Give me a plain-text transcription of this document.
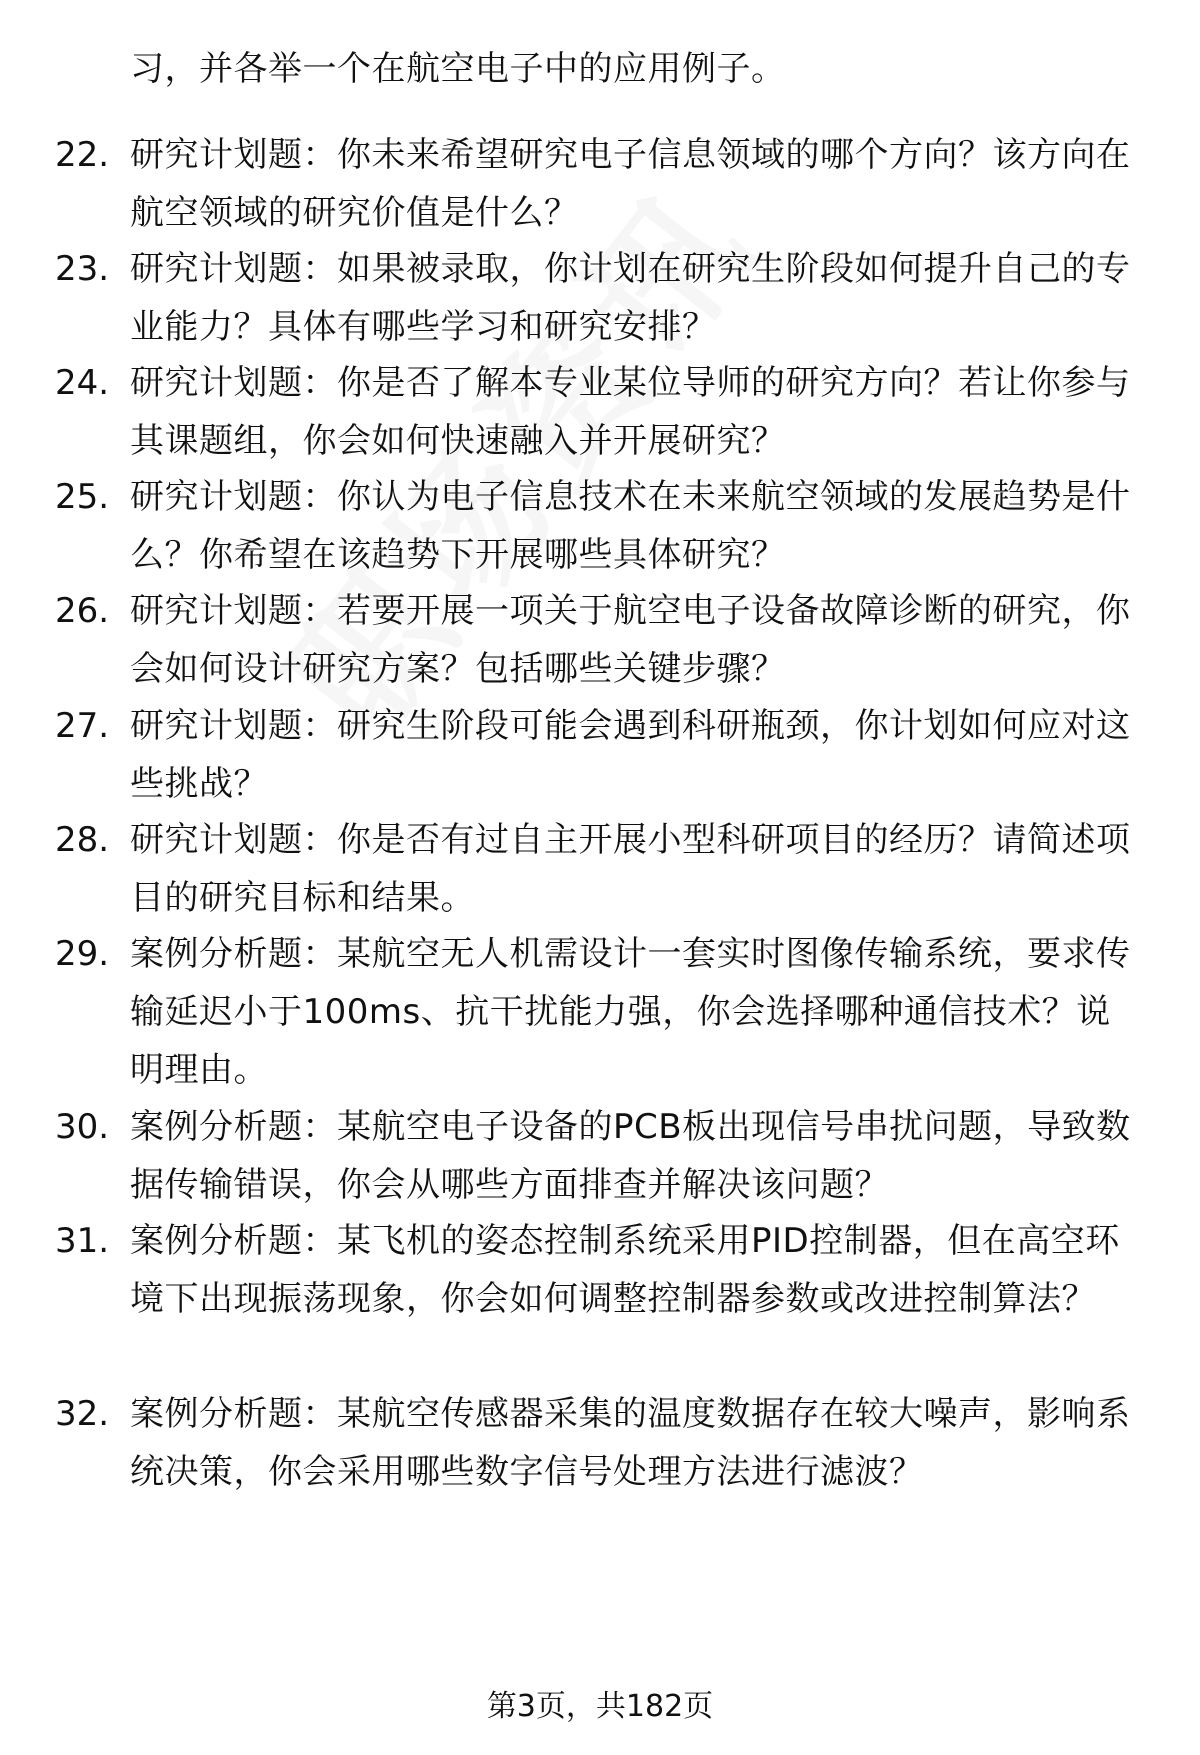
习，并各举一个在航空电子中的应用例子。
22. 研究计划题：你未来希望研究电子信息领域的哪个方向？该方向在航空领域的研究价值是什么？
23. 研究计划题：如果被录取，你计划在研究生阶段如何提升自己的专业能力？具体有哪些学习和研究安排？
24. 研究计划题：你是否了解本专业某位导师的研究方向？若让你参与其课题组，你会如何快速融入并开展研究？
25. 研究计划题：你认为电子信息技术在未来航空领域的发展趋势是什么？你希望在该趋势下开展哪些具体研究？
26. 研究计划题：若要开展一项关于航空电子设备故障诊断的研究，你会如何设计研究方案？包括哪些关键步骤？
27. 研究计划题：研究生阶段可能会遇到科研瓶颈，你计划如何应对这些挑战？
28. 研究计划题：你是否有过自主开展小型科研项目的经历？请简述项目的研究目标和结果。
29. 案例分析题：某航空无人机需设计一套实时图像传输系统，要求传输延迟小于100ms、抗干扰能力强，你会选择哪种通信技术？说明理由。
30. 案例分析题：某航空电子设备的PCB板出现信号串扰问题，导致数据传输错误，你会从哪些方面排查并解决该问题？
31. 案例分析题：某飞机的姿态控制系统采用PID控制器，但在高空环境下出现振荡现象，你会如何调整控制器参数或改进控制算法？
32. 案例分析题：某航空传感器采集的温度数据存在较大噪声，影响系统决策，你会采用哪些数字信号处理方法进行滤波？
第3页，共182页
